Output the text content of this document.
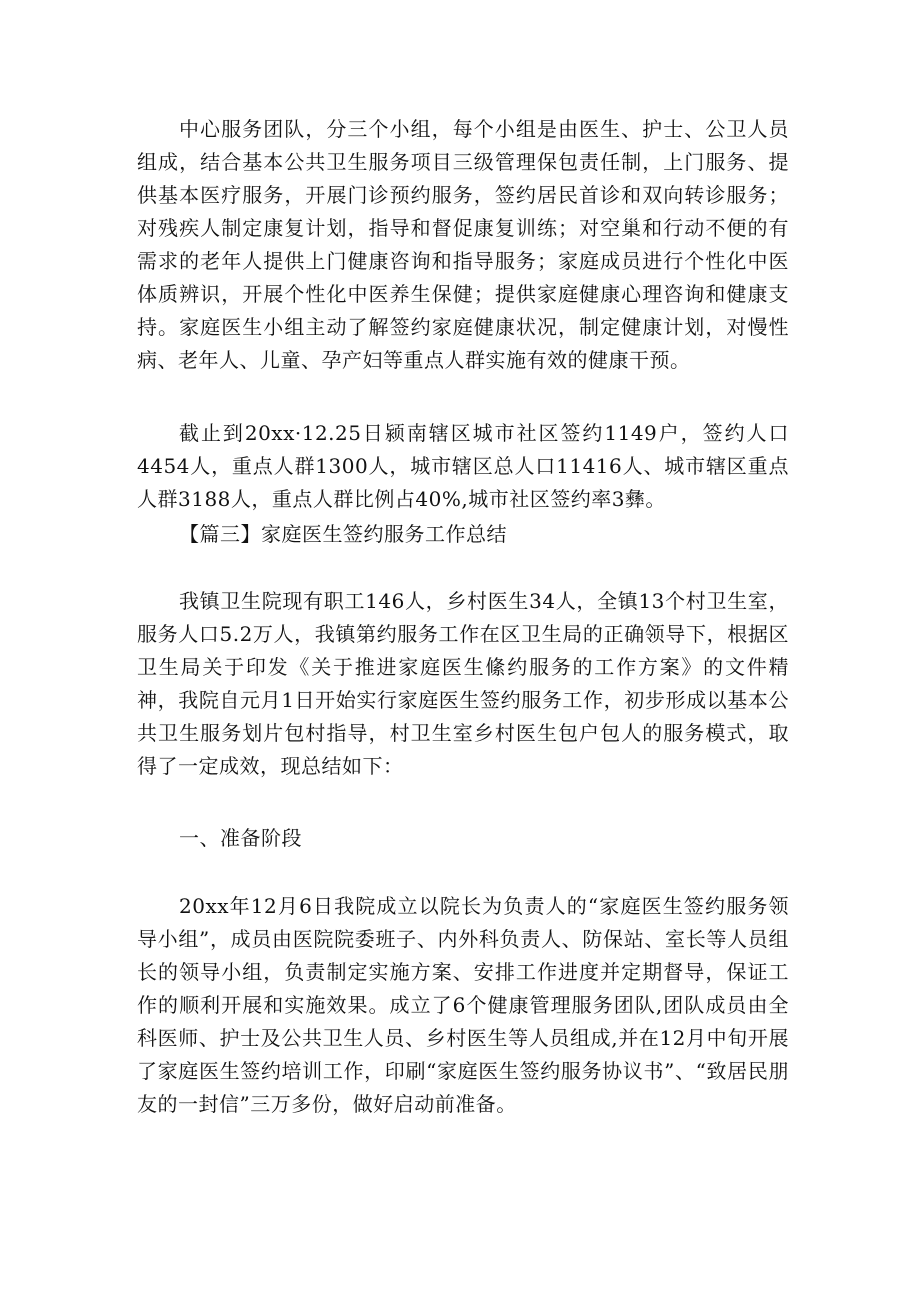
中心服务团队，分三个小组，每个小组是由医生、护士、公卫人员组成，结合基本公共卫生服务项目三级管理保包责任制，上门服务、提供基本医疗服务，开展门诊预约服务，签约居民首诊和双向转诊服务；对残疾人制定康复计划，指导和督促康复训练；对空巢和行动不便的有需求的老年人提供上门健康咨询和指导服务；家庭成员进行个性化中医体质辨识，开展个性化中医养生保健；提供家庭健康心理咨询和健康支持。家庭医生小组主动了解签约家庭健康状况，制定健康计划，对慢性病、老年人、儿童、孕产妇等重点人群实施有效的健康干预。

截止到20xx·12.25日颍南辖区城市社区签约1149户，签约人口4454人，重点人群1300人，城市辖区总人口11416人、城市辖区重点人群3188人，重点人群比例占40%,城市社区签约率3彝。

【篇三】家庭医生签约服务工作总结

我镇卫生院现有职工146人，乡村医生34人，全镇13个村卫生室，服务人口5.2万人，我镇第约服务工作在区卫生局的正确领导下，根据区卫生局关于印发《关于推进家庭医生絛约服务的工作方案》的文件精神，我院自元月1日开始实行家庭医生签约服务工作，初步形成以基本公共卫生服务划片包村指导，村卫生室乡村医生包户包人的服务模式，取得了一定成效，现总结如下：

一、准备阶段

20xx年12月6日我院成立以院长为负责人的“家庭医生签约服务领导小组”，成员由医院院委班子、内外科负责人、防保站、室长等人员组长的领导小组，负责制定实施方案、安排工作进度并定期督导，保证工作的顺利开展和实施效果。成立了6个健康管理服务团队,团队成员由全科医师、护士及公共卫生人员、乡村医生等人员组成,并在12月中旬开展了家庭医生签约培训工作，印刷“家庭医生签约服务协议书”、“致居民朋友的一封信”三万多份，做好启动前准备。
